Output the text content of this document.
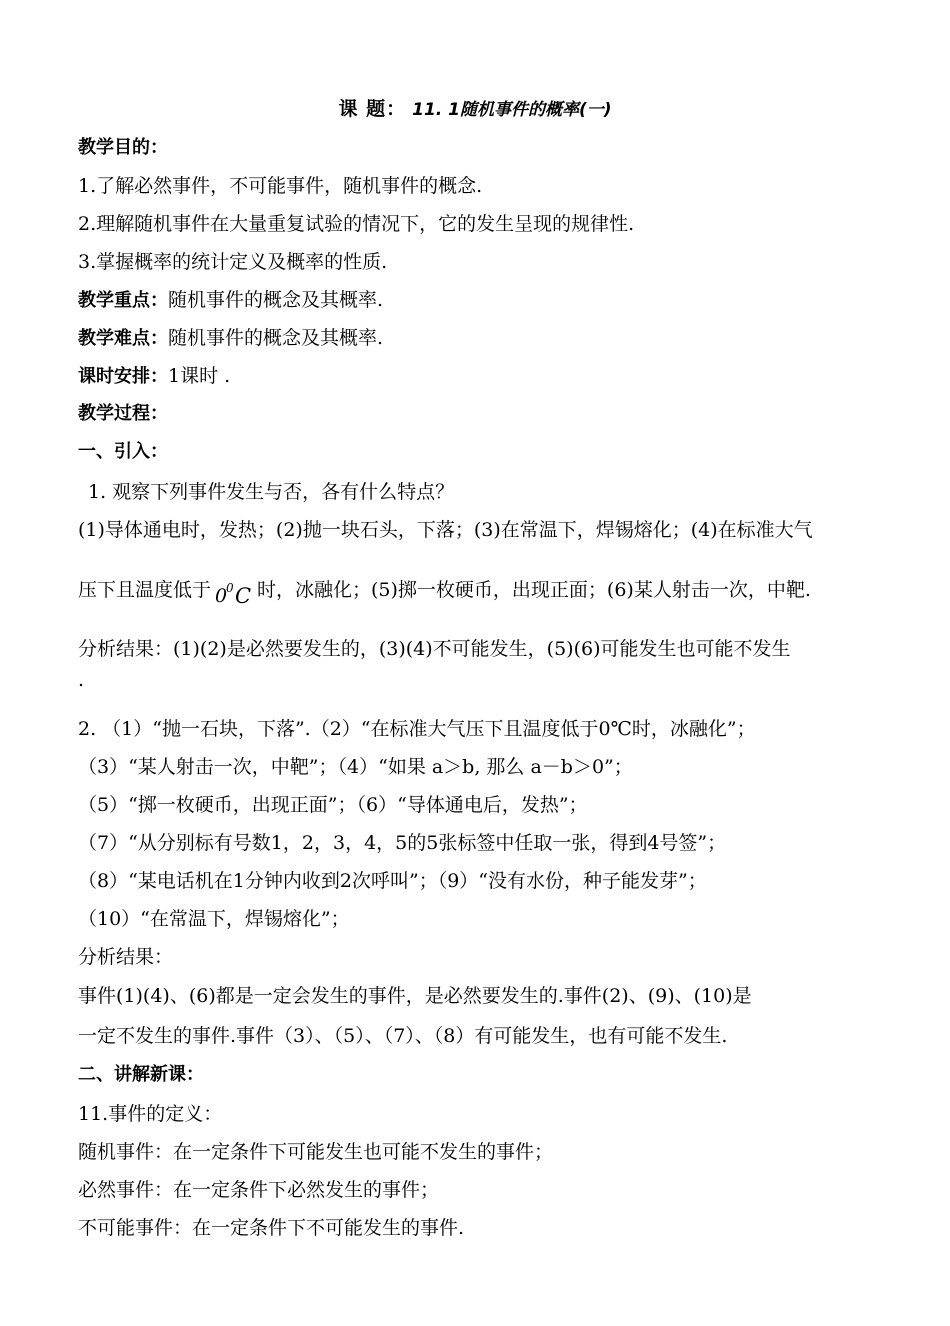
课 题： 11. 1随机事件的概率(一)
教学目的：
1.了解必然事件，不可能事件，随机事件的概念.
2.理解随机事件在大量重复试验的情况下，它的发生呈现的规律性.
3.掌握概率的统计定义及概率的性质.
教学重点：随机事件的概念及其概率.
教学难点：随机事件的概念及其概率.
课时安排：1课时 .
教学过程：
一、引入：
1. 观察下列事件发生与否，各有什么特点？
(1)导体通电时，发热；(2)抛一块石头，下落；(3)在常温下，焊锡熔化；(4)在标准大气
压下且温度低于 0
0 C 时，冰融化；(5)掷一枚硬币，出现正面；(6)某人射击一次，中靶.
分析结果：(1)(2)是必然要发生的，(3)(4)不可能发生，(5)(6)可能发生也可能不发生
.
2. （1）“抛一石块，下落”.（2）“在标准大气压下且温度低于0℃时，冰融化”；
（3）“某人射击一次，中靶”；（4）“如果 a＞b, 那么 a－b＞0”；
（5）“掷一枚硬币，出现正面”；（6）“导体通电后，发热”；
（7）“从分别标有号数1，2，3，4，5的5张标签中任取一张，得到4号签”；
（8）“某电话机在1分钟内收到2次呼叫”；（9）“没有水份，种子能发芽”；
（10）“在常温下，焊锡熔化”；
分析结果：
事件(1)(4)、(6)都是一定会发生的事件，是必然要发生的.事件(2)、(9)、(10)是
一定不发生的事件.事件（3）、（5）、（7）、（8）有可能发生，也有可能不发生.
二、讲解新课：
11.事件的定义：
随机事件：在一定条件下可能发生也可能不发生的事件；
必然事件：在一定条件下必然发生的事件；
不可能事件：在一定条件下不可能发生的事件.
